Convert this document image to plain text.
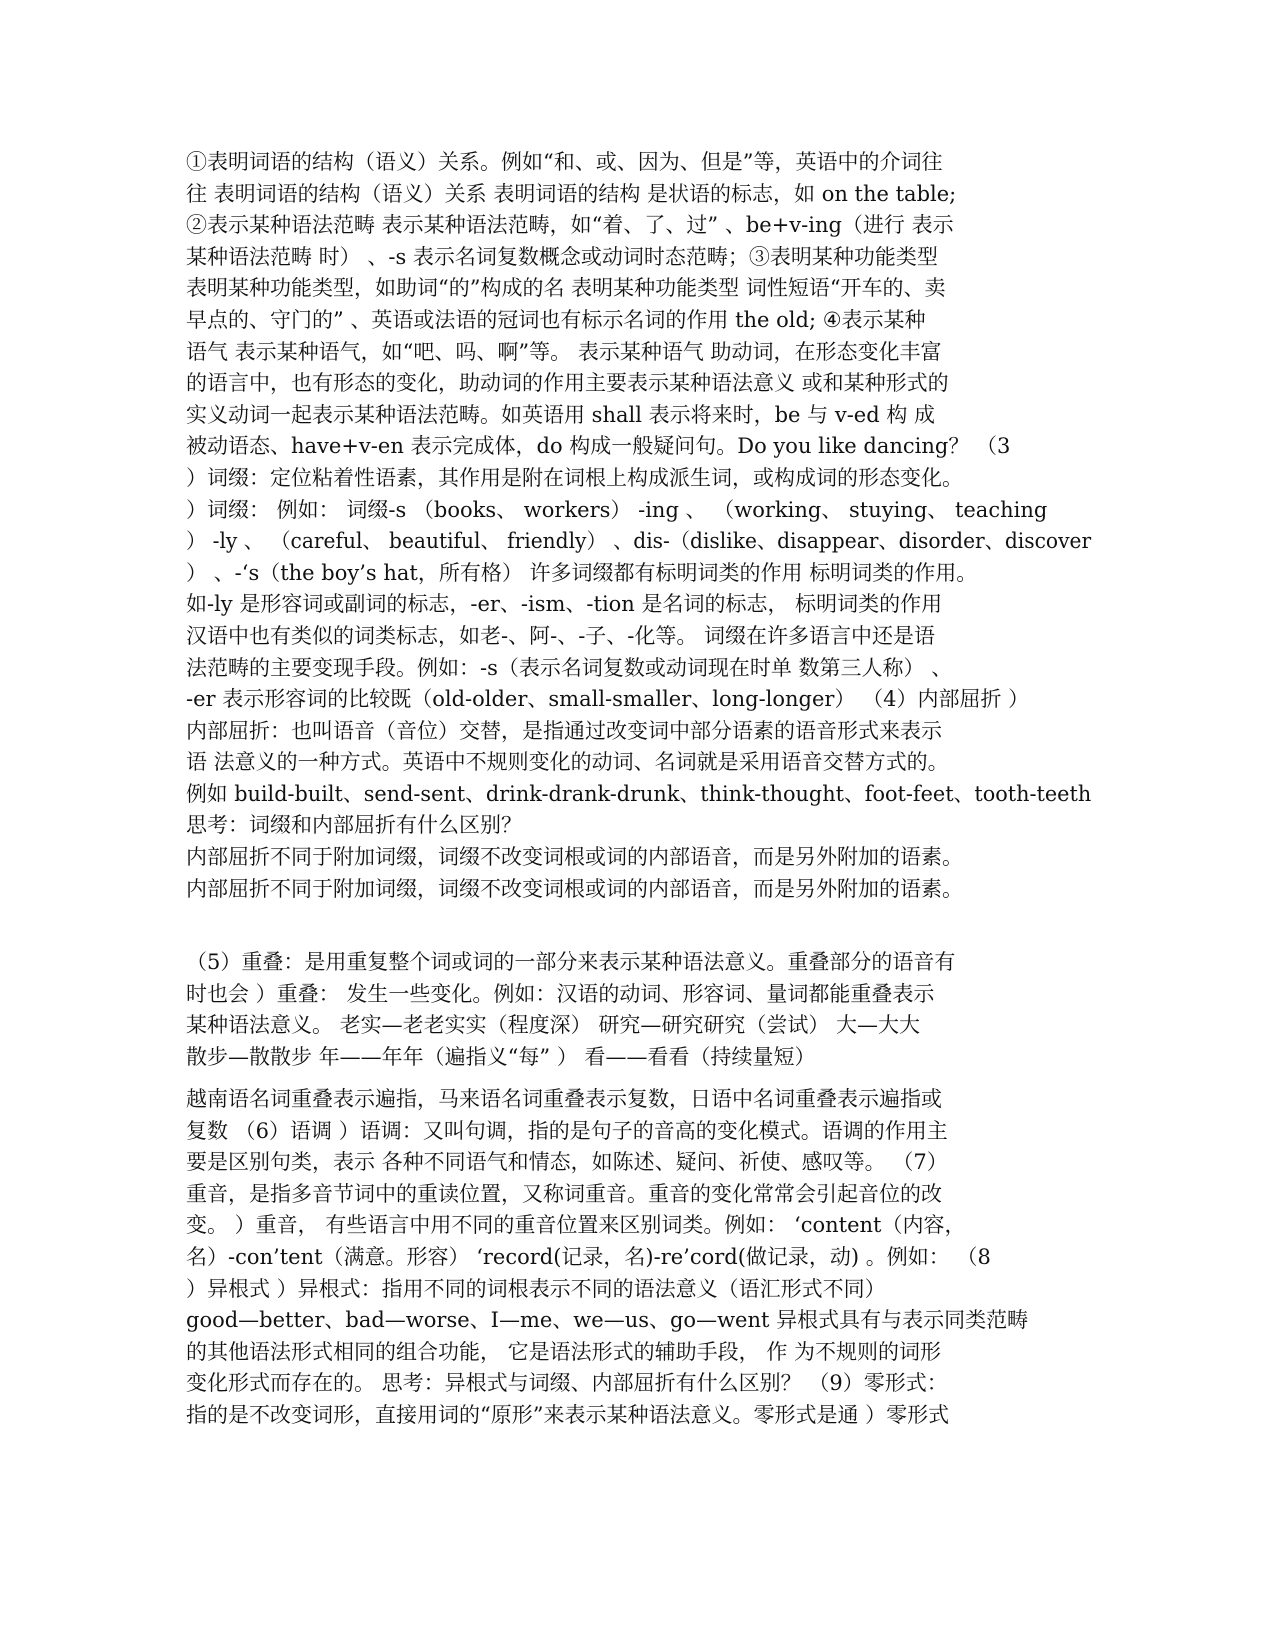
①表明词语的结构（语义）关系。例如“和、或、因为、但是”等，英语中的介词往
往 表明词语的结构（语义）关系 表明词语的结构 是状语的标志，如 on the table;
②表示某种语法范畴 表示某种语法范畴，如“着、了、过” 、be+v-ing（进行 表示
某种语法范畴 时） 、-s 表示名词复数概念或动词时态范畴；③表明某种功能类型
表明某种功能类型，如助词“的”构成的名 表明某种功能类型 词性短语“开车的、卖
早点的、守门的” 、英语或法语的冠词也有标示名词的作用 the old; ④表示某种
语气 表示某种语气，如“吧、吗、啊”等。 表示某种语气 助动词，在形态变化丰富
的语言中，也有形态的变化，助动词的作用主要表示某种语法意义 或和某种形式的
实义动词一起表示某种语法范畴。如英语用 shall 表示将来时，be 与 v-ed 构 成
被动语态、have+v-en 表示完成体，do 构成一般疑问句。Do you like dancing？ （3
）词缀：定位粘着性语素，其作用是附在词根上构成派生词，或构成词的形态变化。
）词缀： 例如： 词缀-s （books、 workers） -ing 、 （working、 stuying、 teaching
） -ly 、 （careful、 beautiful、 friendly） 、dis-（dislike、disappear、disorder、discover
） 、-‘s（the boy’s hat，所有格） 许多词缀都有标明词类的作用 标明词类的作用。
如-ly 是形容词或副词的标志，-er、-ism、-tion 是名词的标志， 标明词类的作用
汉语中也有类似的词类标志，如老-、阿-、-子、-化等。 词缀在许多语言中还是语
法范畴的主要变现手段。例如：-s（表示名词复数或动词现在时单 数第三人称） 、
-er 表示形容词的比较既（old-older、small-smaller、long-longer） （4）内部屈折 ）
内部屈折：也叫语音（音位）交替，是指通过改变词中部分语素的语音形式来表示
语 法意义的一种方式。英语中不规则变化的动词、名词就是采用语音交替方式的。
例如 build-built、send-sent、drink-drank-drunk、think-thought、foot-feet、tooth-teeth
思考：词缀和内部屈折有什么区别？
内部屈折不同于附加词缀，词缀不改变词根或词的内部语音，而是另外附加的语素。
内部屈折不同于附加词缀，词缀不改变词根或词的内部语音，而是另外附加的语素。
（5）重叠：是用重复整个词或词的一部分来表示某种语法意义。重叠部分的语音有
时也会 ）重叠： 发生一些变化。例如：汉语的动词、形容词、量词都能重叠表示
某种语法意义。 老实—老老实实（程度深） 研究—研究研究（尝试） 大—大大
散步—散散步 年——年年（遍指义“每” ） 看——看看（持续量短）
越南语名词重叠表示遍指，马来语名词重叠表示复数，日语中名词重叠表示遍指或
复数 （6）语调 ）语调：又叫句调，指的是句子的音高的变化模式。语调的作用主
要是区别句类，表示 各种不同语气和情态，如陈述、疑问、祈使、感叹等。 （7）
重音，是指多音节词中的重读位置，又称词重音。重音的变化常常会引起音位的改
变。 ）重音， 有些语言中用不同的重音位置来区别词类。例如： ‘content（内容，
名）-con’tent（满意。形容） ‘record(记录，名)-re’cord(做记录，动) 。例如： （8
）异根式 ）异根式：指用不同的词根表示不同的语法意义（语汇形式不同）
good—better、bad—worse、I—me、we—us、go—went 异根式具有与表示同类范畴
的其他语法形式相同的组合功能， 它是语法形式的辅助手段， 作 为不规则的词形
变化形式而存在的。 思考：异根式与词缀、内部屈折有什么区别？ （9）零形式：
指的是不改变词形，直接用词的“原形”来表示某种语法意义。零形式是通 ）零形式
